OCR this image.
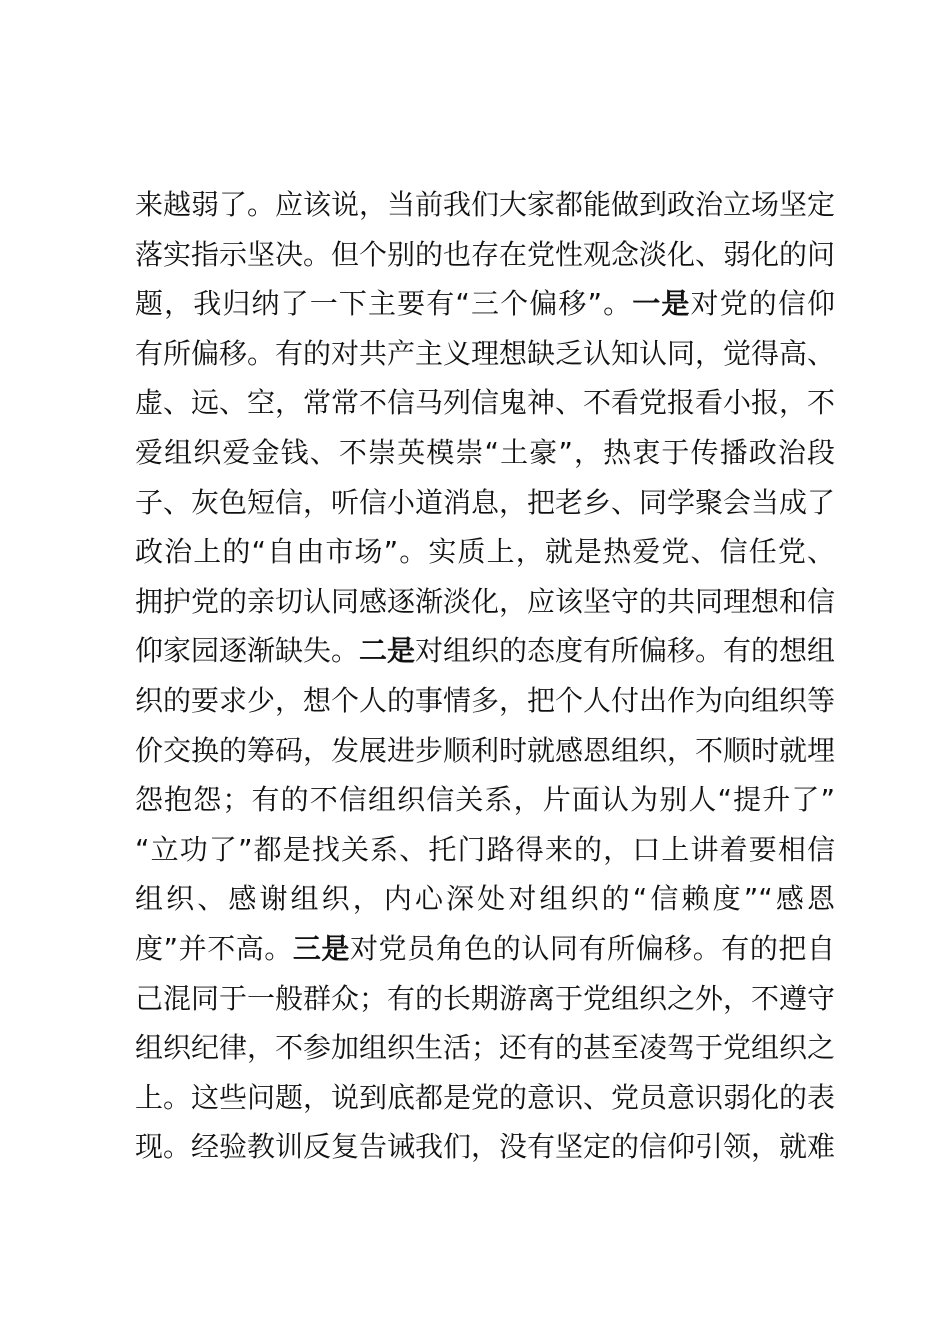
来越弱了。应该说，当前我们大家都能做到政治立场坚定
落实指示坚决。但个别的也存在党性观念淡化、弱化的问
题，我归纳了一下主要有“三个偏移”。一是对党的信仰
有所偏移。有的对共产主义理想缺乏认知认同，觉得高、
虚、远、空，常常不信马列信鬼神、不看党报看小报，不
爱组织爱金钱、不崇英模崇“土豪”，热衷于传播政治段
子、灰色短信，听信小道消息，把老乡、同学聚会当成了
政治上的“自由市场”。实质上，就是热爱党、信任党、
拥护党的亲切认同感逐渐淡化，应该坚守的共同理想和信
仰家园逐渐缺失。二是对组织的态度有所偏移。有的想组
织的要求少，想个人的事情多，把个人付出作为向组织等
价交换的筹码，发展进步顺利时就感恩组织，不顺时就埋
怨抱怨；有的不信组织信关系，片面认为别人“提升了”
“立功了”都是找关系、托门路得来的，口上讲着要相信
组织、感谢组织，内心深处对组织的“信赖度”“感恩
度”并不高。三是对党员角色的认同有所偏移。有的把自
己混同于一般群众；有的长期游离于党组织之外，不遵守
组织纪律，不参加组织生活；还有的甚至凌驾于党组织之
上。这些问题，说到底都是党的意识、党员意识弱化的表
现。经验教训反复告诫我们，没有坚定的信仰引领，就难
